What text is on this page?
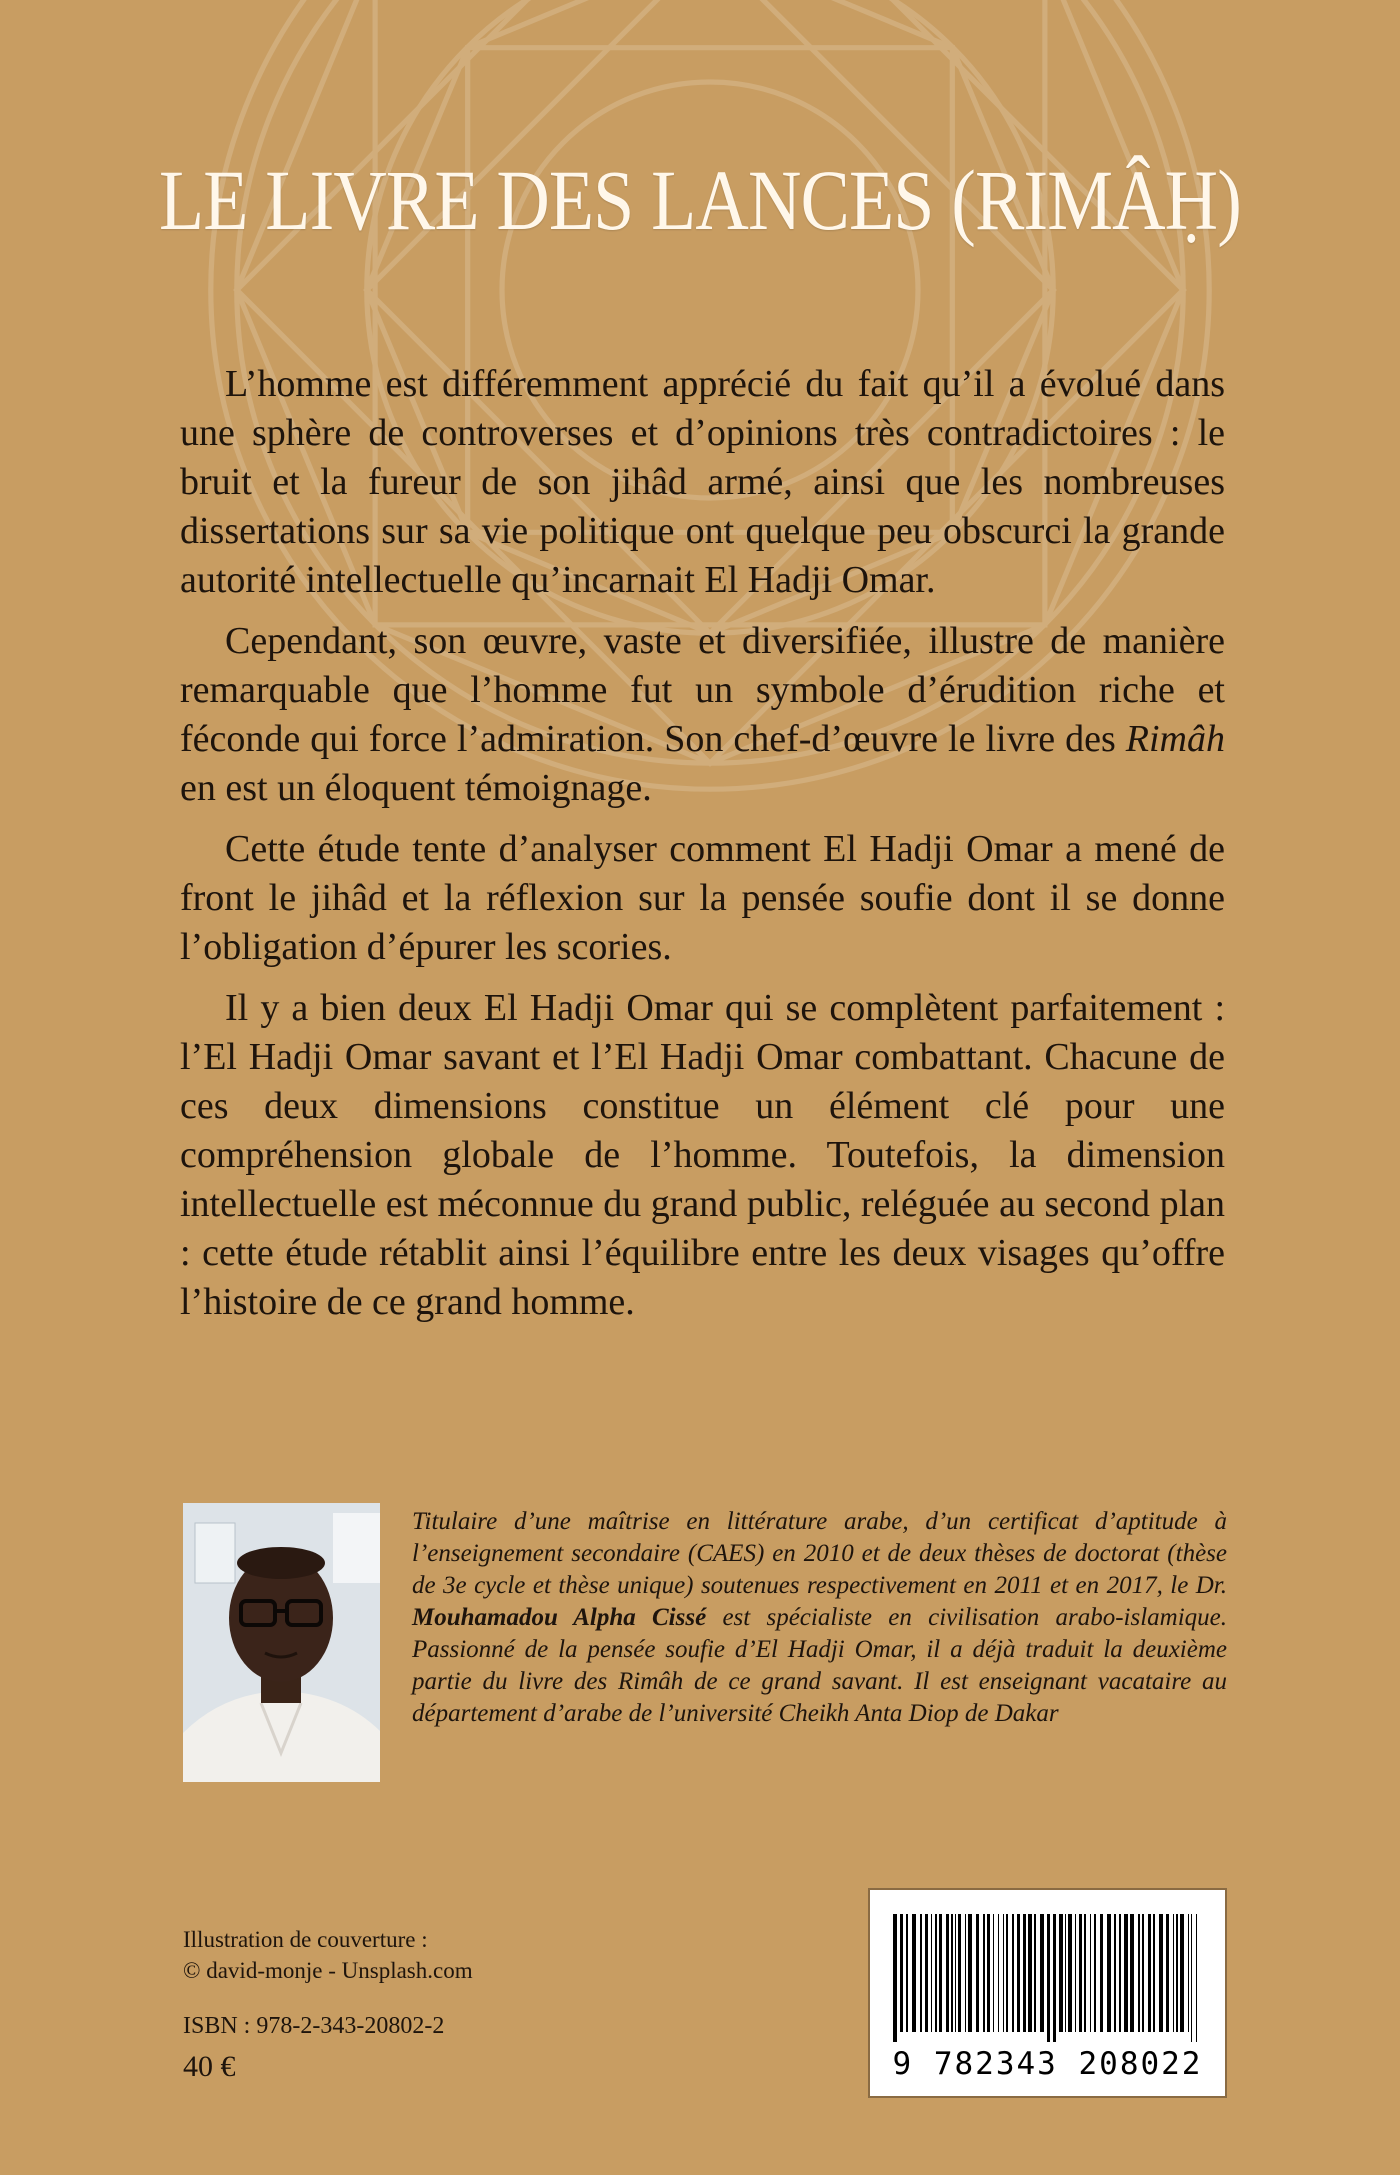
LE LIVRE DES LANCES (RIMÂḤ)

L’homme est différemment apprécié du fait qu’il a évolué dans une sphère de controverses et d’opinions très contradictoires : le bruit et la fureur de son jihâd armé, ainsi que les nombreuses dissertations sur sa vie politique ont quelque peu obscurci la grande autorité intellectuelle qu’incarnait El Hadji Omar.

Cependant, son œuvre, vaste et diversifiée, illustre de manière remarquable que l’homme fut un symbole d’érudition riche et féconde qui force l’admiration. Son chef-d’œuvre le livre des Rimâh en est un éloquent témoignage.

Cette étude tente d’analyser comment El Hadji Omar a mené de front le jihâd et la réflexion sur la pensée soufie dont il se donne l’obligation d’épurer les scories.

Il y a bien deux El Hadji Omar qui se complètent parfaitement : l’El Hadji Omar savant et l’El Hadji Omar combattant. Chacune de ces deux dimensions constitue un élément clé pour une compréhension globale de l’homme. Toutefois, la dimension intellectuelle est méconnue du grand public, reléguée au second plan : cette étude rétablit ainsi l’équilibre entre les deux visages qu’offre l’histoire de ce grand homme.

Titulaire d’une maîtrise en littérature arabe, d’un certificat d’aptitude à l’enseignement secondaire (CAES) en 2010 et de deux thèses de doctorat (thèse de 3e cycle et thèse unique) soutenues respectivement en 2011 et en 2017, le Dr. Mouhamadou Alpha Cissé est spécialiste en civilisation arabo-islamique. Passionné de la pensée soufie d’El Hadji Omar, il a déjà traduit la deuxième partie du livre des Rimâh de ce grand savant. Il est enseignant vacataire au département d’arabe de l’université Cheikh Anta Diop de Dakar
Illustration de couverture :
© david-monje - Unsplash.com
ISBN : 978-2-343-20802-2
40 €	9 782343 208022
